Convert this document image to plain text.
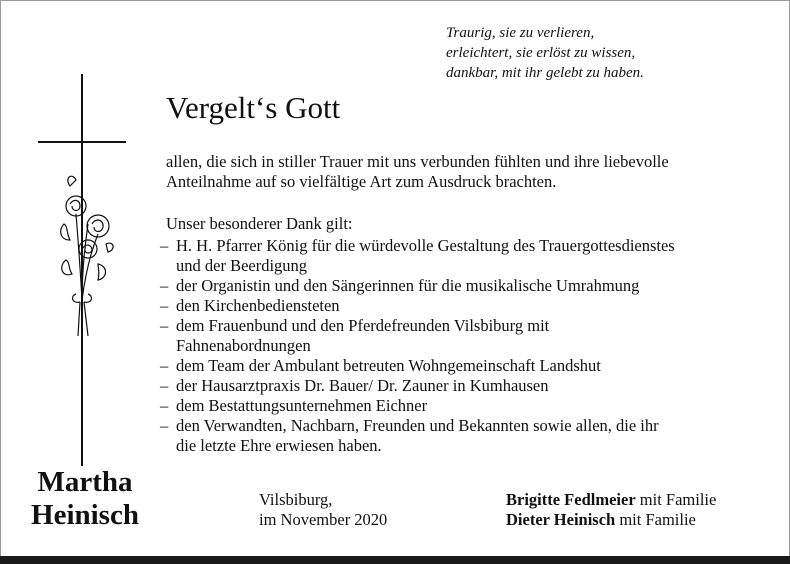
Traurig, sie zu verlieren,
erleichtert, sie erlöst zu wissen,
dankbar, mit ihr gelebt zu haben.
Vergelt‘s Gott
allen, die sich in stiller Trauer mit uns verbunden fühlten und ihre liebevolle
Anteilnahme auf so vielfältige Art zum Ausdruck brachten.
Unser besonderer Dank gilt:
– H. H. Pfarrer König für die würdevolle Gestaltung des Trauergottesdienstes
und der Beerdigung
– der Organistin und den Sängerinnen für die musikalische Umrahmung
– den Kirchenbediensteten
– dem Frauenbund und den Pferdefreunden Vilsbiburg mit
Fahnenabordnungen
– dem Team der Ambulant betreuten Wohngemeinschaft Landshut
– der Hausarztpraxis Dr. Bauer/ Dr. Zauner in Kumhausen
– dem Bestattungsunternehmen Eichner
– den Verwandten, Nachbarn, Freunden und Bekannten sowie allen, die ihr
die letzte Ehre erwiesen haben.
Martha
Heinisch	Vilsbiburg,
im November 2020
Brigitte Fedlmeier mit Familie
Dieter Heinisch mit Familie
